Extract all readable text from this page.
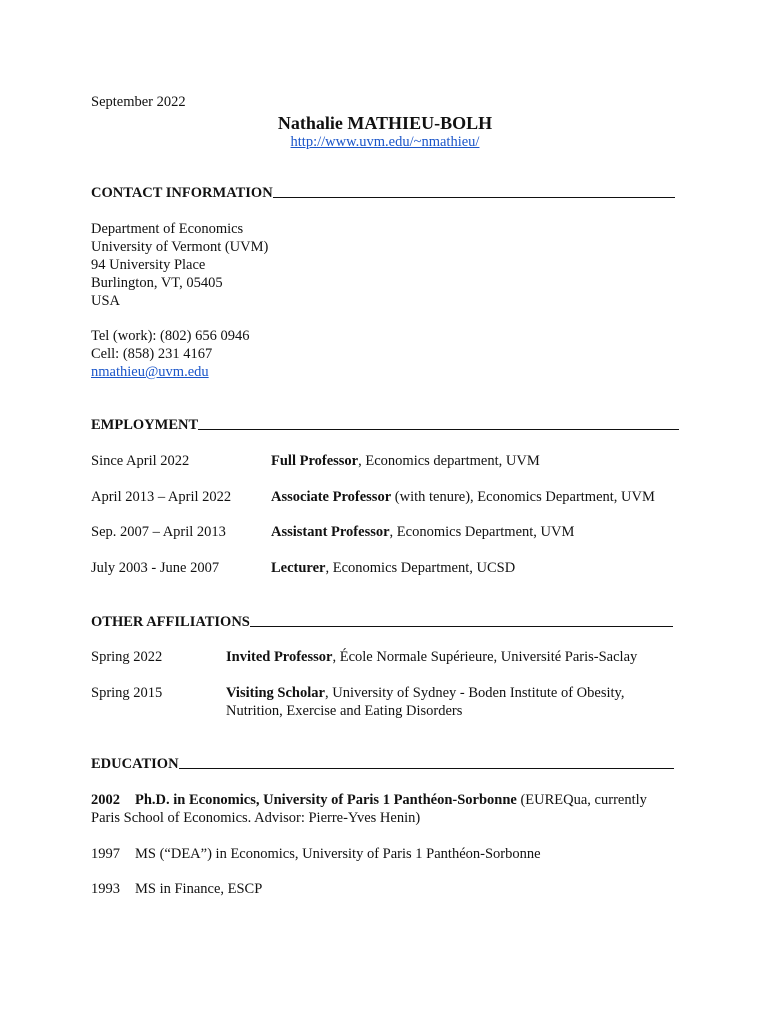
September 2022
Nathalie MATHIEU-BOLH
http://www.uvm.edu/~nmathieu/
CONTACT INFORMATION
Department of Economics
University of Vermont (UVM)
94 University Place
Burlington, VT, 05405
USA
Tel (work): (802) 656 0946
Cell: (858) 231 4167
nmathieu@uvm.edu
EMPLOYMENT
Since April 2022	Full Professor, Economics department, UVM
April 2013 – April 2022	Associate Professor (with tenure), Economics Department, UVM
Sep. 2007 – April 2013	Assistant Professor, Economics Department, UVM
July 2003 - June 2007	Lecturer, Economics Department, UCSD
OTHER AFFILIATIONS
Spring 2022	Invited Professor, École Normale Supérieure, Université Paris-Saclay
Spring 2015	Visiting Scholar, University of Sydney - Boden Institute of Obesity,
Nutrition, Exercise and Eating Disorders
EDUCATION
2002 Ph.D. in Economics, University of Paris 1 Panthéon-Sorbonne (EUREQua, currently Paris School of Economics. Advisor: Pierre-Yves Henin)
1997 MS (“DEA”) in Economics, University of Paris 1 Panthéon-Sorbonne
1993 MS in Finance, ESCP
